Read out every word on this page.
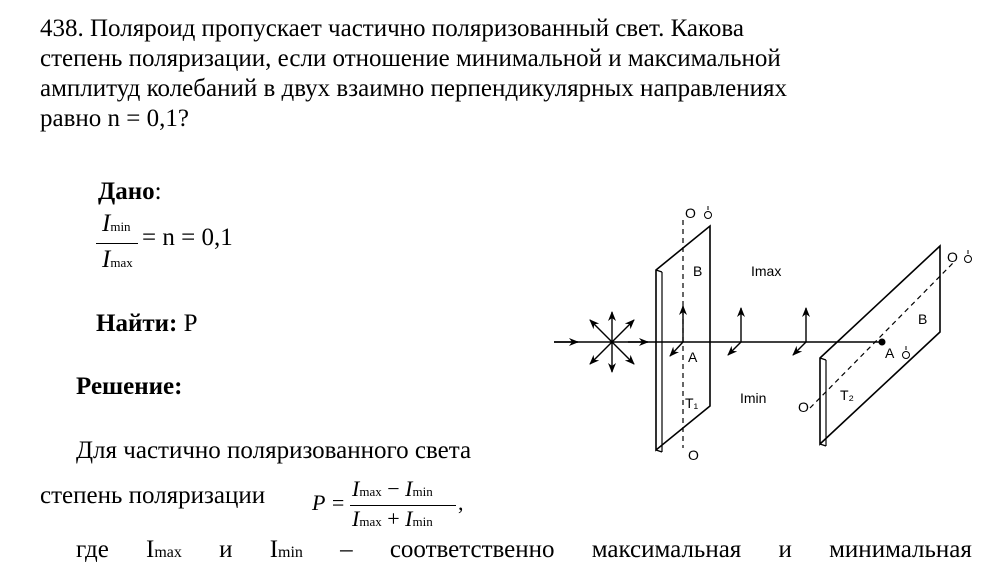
438. Поляроид пропускает частично поляризованный свет. Какова
степень поляризации, если отношение минимальной и максимальной
амплитуд колебаний в двух взаимно перпендикулярных направлениях
равно n = 0,1?
Дано:
Imin
Imax
= n = 0,1
Найти: P
Решение:
Для частично поляризованного света
степень поляризации P =
Imax − Imin
Imax + Imin
,
где Imax и Imin – соответственно максимальная и минимальная
O
B	Imax
A
T₁	Imin
O
O
B
A
T₂
O
